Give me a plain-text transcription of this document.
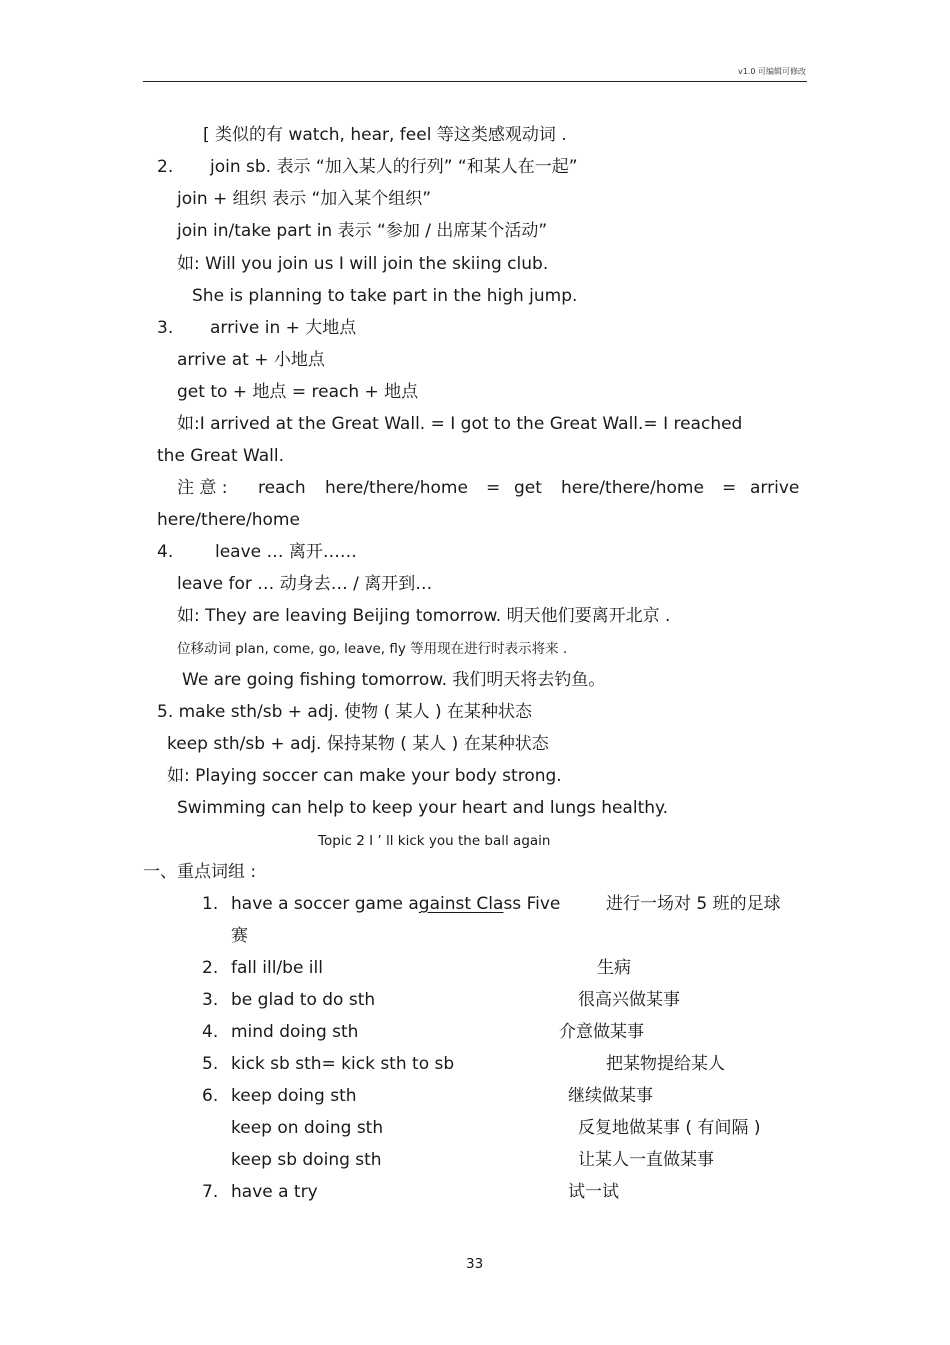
v1.0 可编辑可修改
[ 类似的有 watch, hear, feel 等这类感观动词 .
2. join sb. 表示 “加入某人的行列” “和某人在一起”
join + 组织 表示 “加入某个组织”
join in/take part in 表示 “参加 / 出席某个活动”
如: Will you join us I will join the skiing club.
She is planning to take part in the high jump.
3. arrive in + 大地点
arrive at + 小地点
get to + 地点 = reach + 地点
如:I arrived at the Great Wall. = I got to the Great Wall.= I reached
the Great Wall.
注 意 : reach here/there/home = get here/there/home = arrive
here/there/home
4. leave … 离开……
leave for … 动身去… / 离开到…
如: They are leaving Beijing tomorrow. 明天他们要离开北京 .
位移动词 plan, come, go, leave, fly 等用现在进行时表示将来 .
We are going fishing tomorrow. 我们明天将去钓鱼。
5. make sth/sb + adj. 使物 ( 某人 ) 在某种状态
keep sth/sb + adj. 保持某物 ( 某人 ) 在某种状态
如: Playing soccer can make your body strong.
Swimming can help to keep your heart and lungs healthy.
Topic 2 I ’ ll kick you the ball again
一、重点词组 :
1. have a soccer game against Class Five	进行一场对 5 班的足球
赛
2. fall ill/be ill	生病
3. be glad to do sth	很高兴做某事
4. mind doing sth	介意做某事
5. kick sb sth= kick sth to sb	把某物提给某人
6. keep doing sth	继续做某事
keep on doing sth	反复地做某事 ( 有间隔 )
keep sb doing sth	让某人一直做某事
7. have a try	试一试
33
